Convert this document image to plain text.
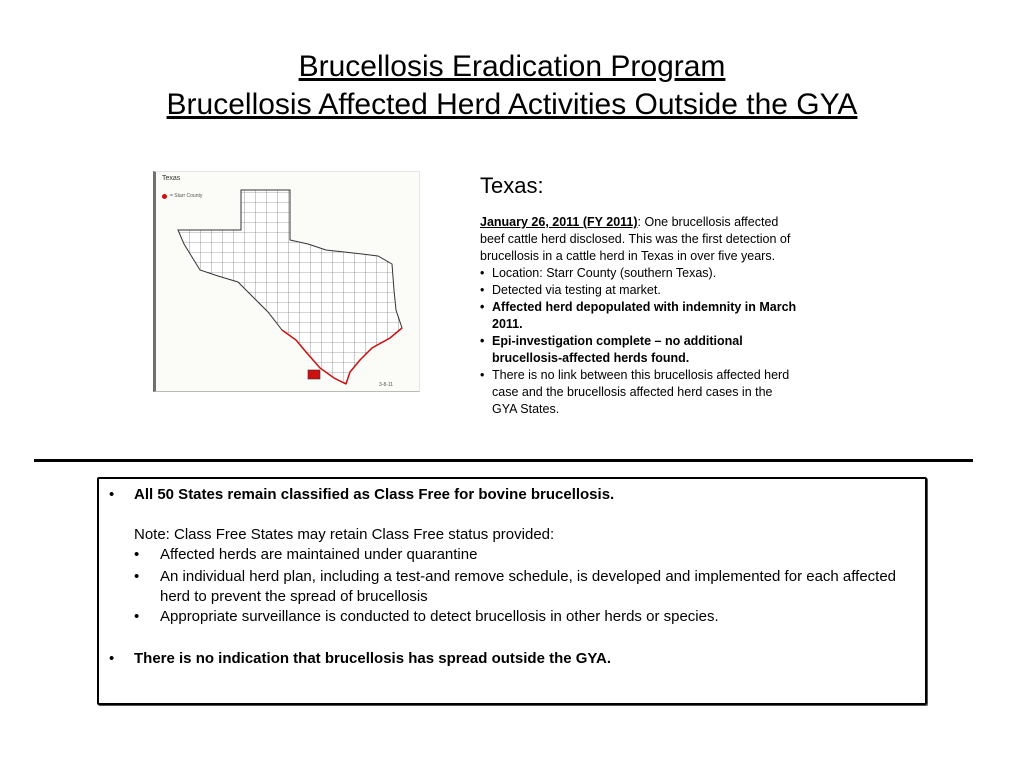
Brucellosis Eradication Program
Brucellosis Affected Herd Activities Outside the GYA
Texas
= Starr County
3-8-11
Texas:
January 26, 2011 (FY 2011): One brucellosis affected beef cattle herd disclosed. This was the first detection of brucellosis in a cattle herd in Texas in over five years.
• Location: Starr County (southern Texas).
• Detected via testing at market.
• Affected herd depopulated with indemnity in March 2011.
• Epi-investigation complete – no additional brucellosis-affected herds found.
• There is no link between this brucellosis affected herd case and the brucellosis affected herd cases in the GYA States.
• All 50 States remain classified as Class Free for bovine brucellosis.
Note: Class Free States may retain Class Free status provided:
• Affected herds are maintained under quarantine
• An individual herd plan, including a test-and remove schedule, is developed and implemented for each affected herd to prevent the spread of brucellosis
• Appropriate surveillance is conducted to detect brucellosis in other herds or species.
• There is no indication that brucellosis has spread outside the GYA.
